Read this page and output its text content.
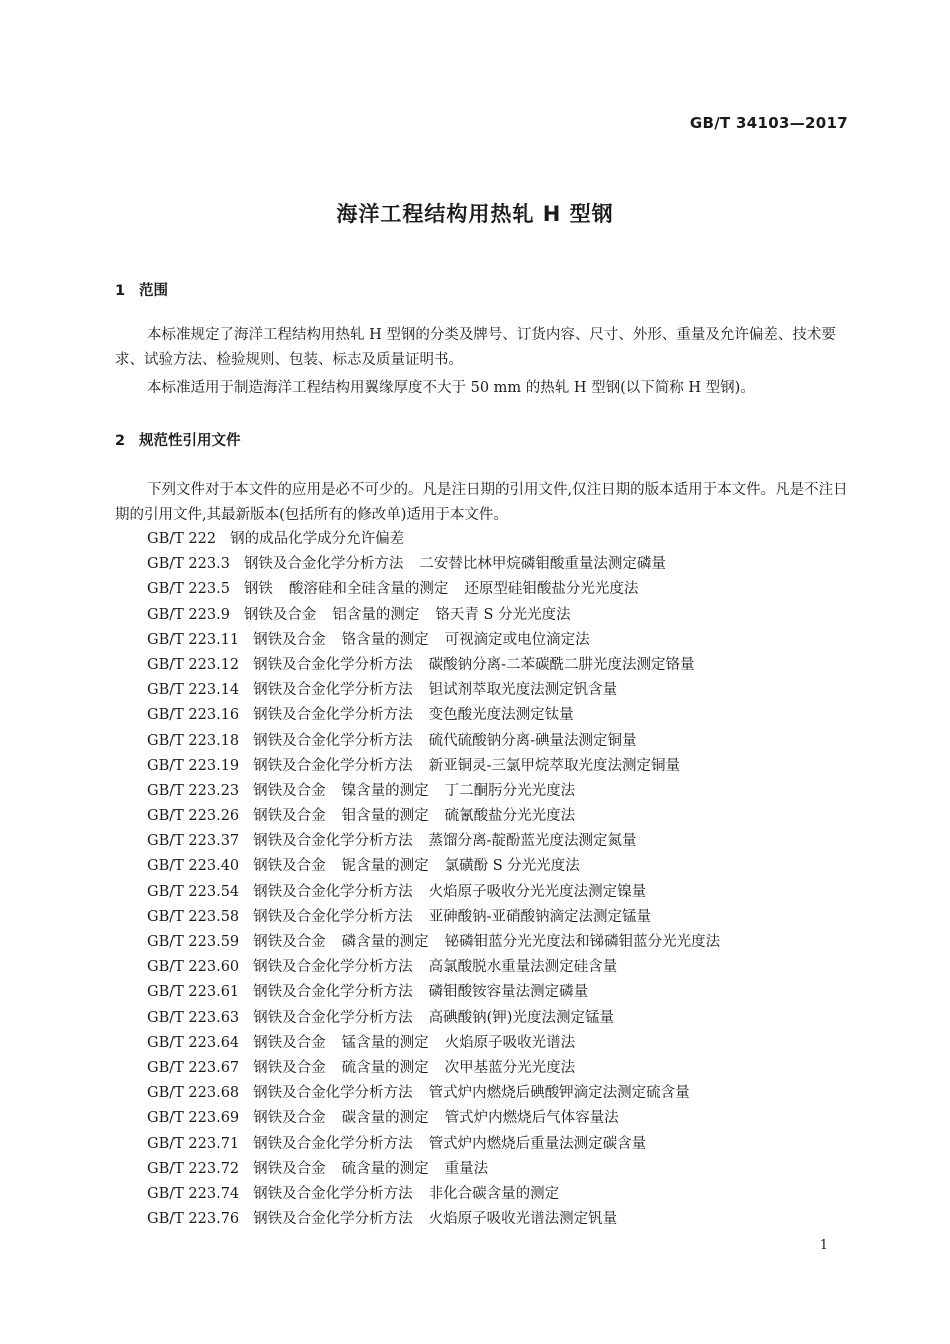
GB/T 34103—2017
海洋工程结构用热轧 H 型钢
1 范围

本标准规定了海洋工程结构用热轧 H 型钢的分类及牌号、订货内容、尺寸、外形、重量及允许偏差、技术要求、试验方法、检验规则、包装、标志及质量证明书。

本标准适用于制造海洋工程结构用翼缘厚度不大于 50 mm 的热轧 H 型钢(以下简称 H 型钢)。

2 规范性引用文件

下列文件对于本文件的应用是必不可少的。凡是注日期的引用文件,仅注日期的版本适用于本文件。凡是不注日期的引用文件,其最新版本(包括所有的修改单)适用于本文件。

GB/T 222 钢的成品化学成分允许偏差
GB/T 223.3 钢铁及合金化学分析方法 二安替比林甲烷磷钼酸重量法测定磷量
GB/T 223.5 钢铁 酸溶硅和全硅含量的测定 还原型硅钼酸盐分光光度法
GB/T 223.9 钢铁及合金 铝含量的测定 铬天青 S 分光光度法
GB/T 223.11 钢铁及合金 铬含量的测定 可视滴定或电位滴定法
GB/T 223.12 钢铁及合金化学分析方法 碳酸钠分离-二苯碳酰二肼光度法测定铬量
GB/T 223.14 钢铁及合金化学分析方法 钽试剂萃取光度法测定钒含量
GB/T 223.16 钢铁及合金化学分析方法 变色酸光度法测定钛量
GB/T 223.18 钢铁及合金化学分析方法 硫代硫酸钠分离-碘量法测定铜量
GB/T 223.19 钢铁及合金化学分析方法 新亚铜灵-三氯甲烷萃取光度法测定铜量
GB/T 223.23 钢铁及合金 镍含量的测定 丁二酮肟分光光度法
GB/T 223.26 钢铁及合金 钼含量的测定 硫氰酸盐分光光度法
GB/T 223.37 钢铁及合金化学分析方法 蒸馏分离-靛酚蓝光度法测定氮量
GB/T 223.40 钢铁及合金 铌含量的测定 氯磺酚 S 分光光度法
GB/T 223.54 钢铁及合金化学分析方法 火焰原子吸收分光光度法测定镍量
GB/T 223.58 钢铁及合金化学分析方法 亚砷酸钠-亚硝酸钠滴定法测定锰量
GB/T 223.59 钢铁及合金 磷含量的测定 铋磷钼蓝分光光度法和锑磷钼蓝分光光度法
GB/T 223.60 钢铁及合金化学分析方法 高氯酸脱水重量法测定硅含量
GB/T 223.61 钢铁及合金化学分析方法 磷钼酸铵容量法测定磷量
GB/T 223.63 钢铁及合金化学分析方法 高碘酸钠(钾)光度法测定锰量
GB/T 223.64 钢铁及合金 锰含量的测定 火焰原子吸收光谱法
GB/T 223.67 钢铁及合金 硫含量的测定 次甲基蓝分光光度法
GB/T 223.68 钢铁及合金化学分析方法 管式炉内燃烧后碘酸钾滴定法测定硫含量
GB/T 223.69 钢铁及合金 碳含量的测定 管式炉内燃烧后气体容量法
GB/T 223.71 钢铁及合金化学分析方法 管式炉内燃烧后重量法测定碳含量
GB/T 223.72 钢铁及合金 硫含量的测定 重量法
GB/T 223.74 钢铁及合金化学分析方法 非化合碳含量的测定
GB/T 223.76 钢铁及合金化学分析方法 火焰原子吸收光谱法测定钒量
1
